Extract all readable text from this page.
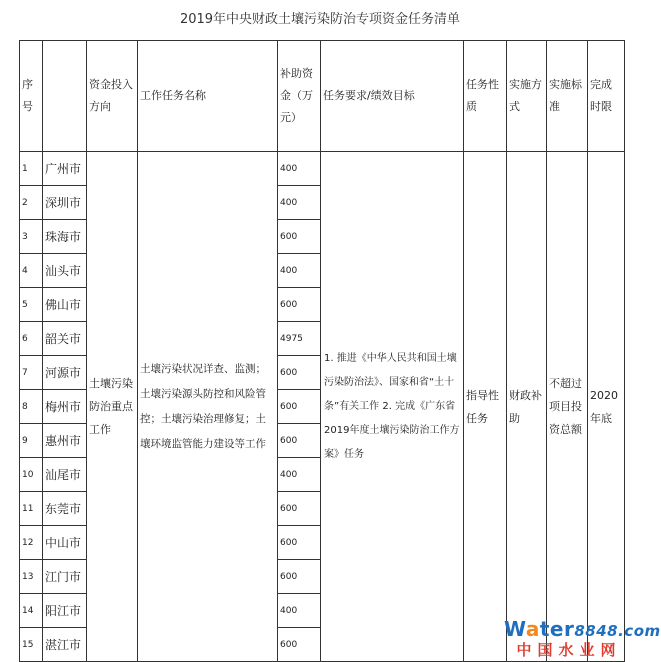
2019年中央财政土壤污染防治专项资金任务清单
序号		资金投入方向	工作任务名称	补助资金（万元）	任务要求/绩效目标	任务性质	实施方式	实施标准	完成时限
1	广州市	土壤污染防治重点工作	土壤污染状况详查、监测；土壤污染源头防控和风险管控；土壤污染治理修复；土壤环境监管能力建设等工作	400	1. 推进《中华人民共和国土壤污染防治法》、国家和省“土十条”有关工作 2. 完成《广东省2019年度土壤污染防治工作方案》任务	指导性任务	财政补助	不超过项目投资总额	2020年底
2	深圳市			400					
3	珠海市			600					
4	汕头市			400					
5	佛山市			600					
6	韶关市			4975					
7	河源市			600					
8	梅州市			600					
9	惠州市			600					
10	汕尾市			400					
11	东莞市			600					
12	中山市			600					
13	江门市			600					
14	阳江市			400					
15	湛江市			600					
Water8848.com
中国水业网
